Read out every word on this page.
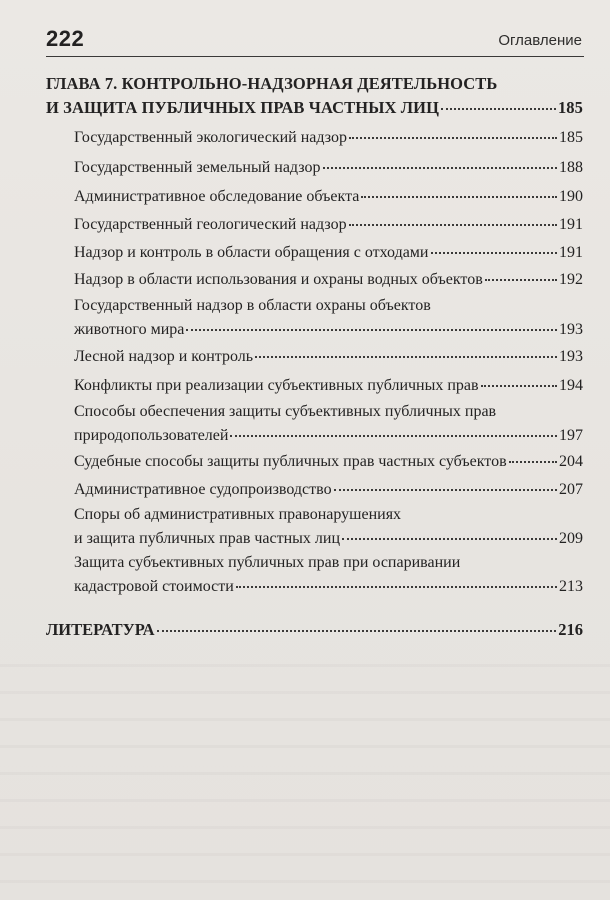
222	Оглавление
ГЛАВА 7. КОНТРОЛЬНО-НАДЗОРНАЯ ДЕЯТЕЛЬНОСТЬ
И ЗАЩИТА ПУБЛИЧНЫХ ПРАВ ЧАСТНЫХ ЛИЦ	185
Государственный экологический надзор	185
Государственный земельный надзор	188
Административное обследование объекта	190
Государственный геологический надзор	191
Надзор и контроль в области обращения с отходами	191
Надзор в области использования и охраны водных объектов	192
Государственный надзор в области охраны объектов
животного мира	193
Лесной надзор и контроль	193
Конфликты при реализации субъективных публичных прав	194
Способы обеспечения защиты субъективных публичных прав
природопользователей	197
Судебные способы защиты публичных прав частных субъектов	204
Административное судопроизводство	207
Споры об административных правонарушениях
и защита публичных прав частных лиц	209
Защита субъективных публичных прав при оспаривании
кадастровой стоимости	213
ЛИТЕРАТУРА	216
